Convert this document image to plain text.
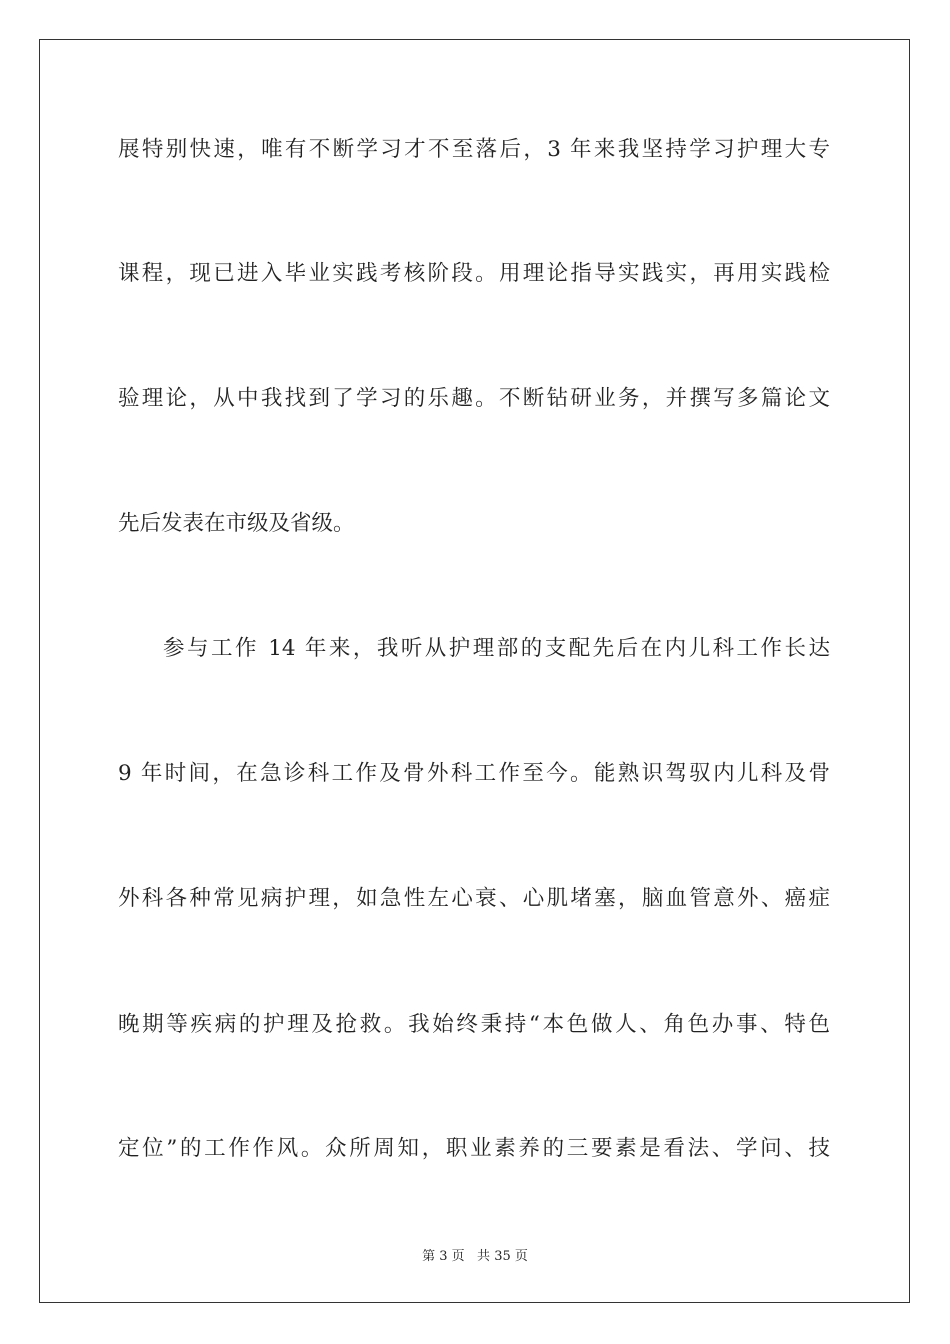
展特别快速，唯有不断学习才不至落后，3 年来我坚持学习护理大专
课程，现已进入毕业实践考核阶段。用理论指导实践实，再用实践检
验理论，从中我找到了学习的乐趣。不断钻研业务，并撰写多篇论文
先后发表在市级及省级。
参与工作 14 年来，我听从护理部的支配先后在内儿科工作长达
9 年时间，在急诊科工作及骨外科工作至今。能熟识驾驭内儿科及骨
外科各种常见病护理，如急性左心衰、心肌堵塞，脑血管意外、癌症
晚期等疾病的护理及抢救。我始终秉持“本色做人、角色办事、特色
定位”的工作作风。众所周知，职业素养的三要素是看法、学问、技
第 3 页   共 35 页
